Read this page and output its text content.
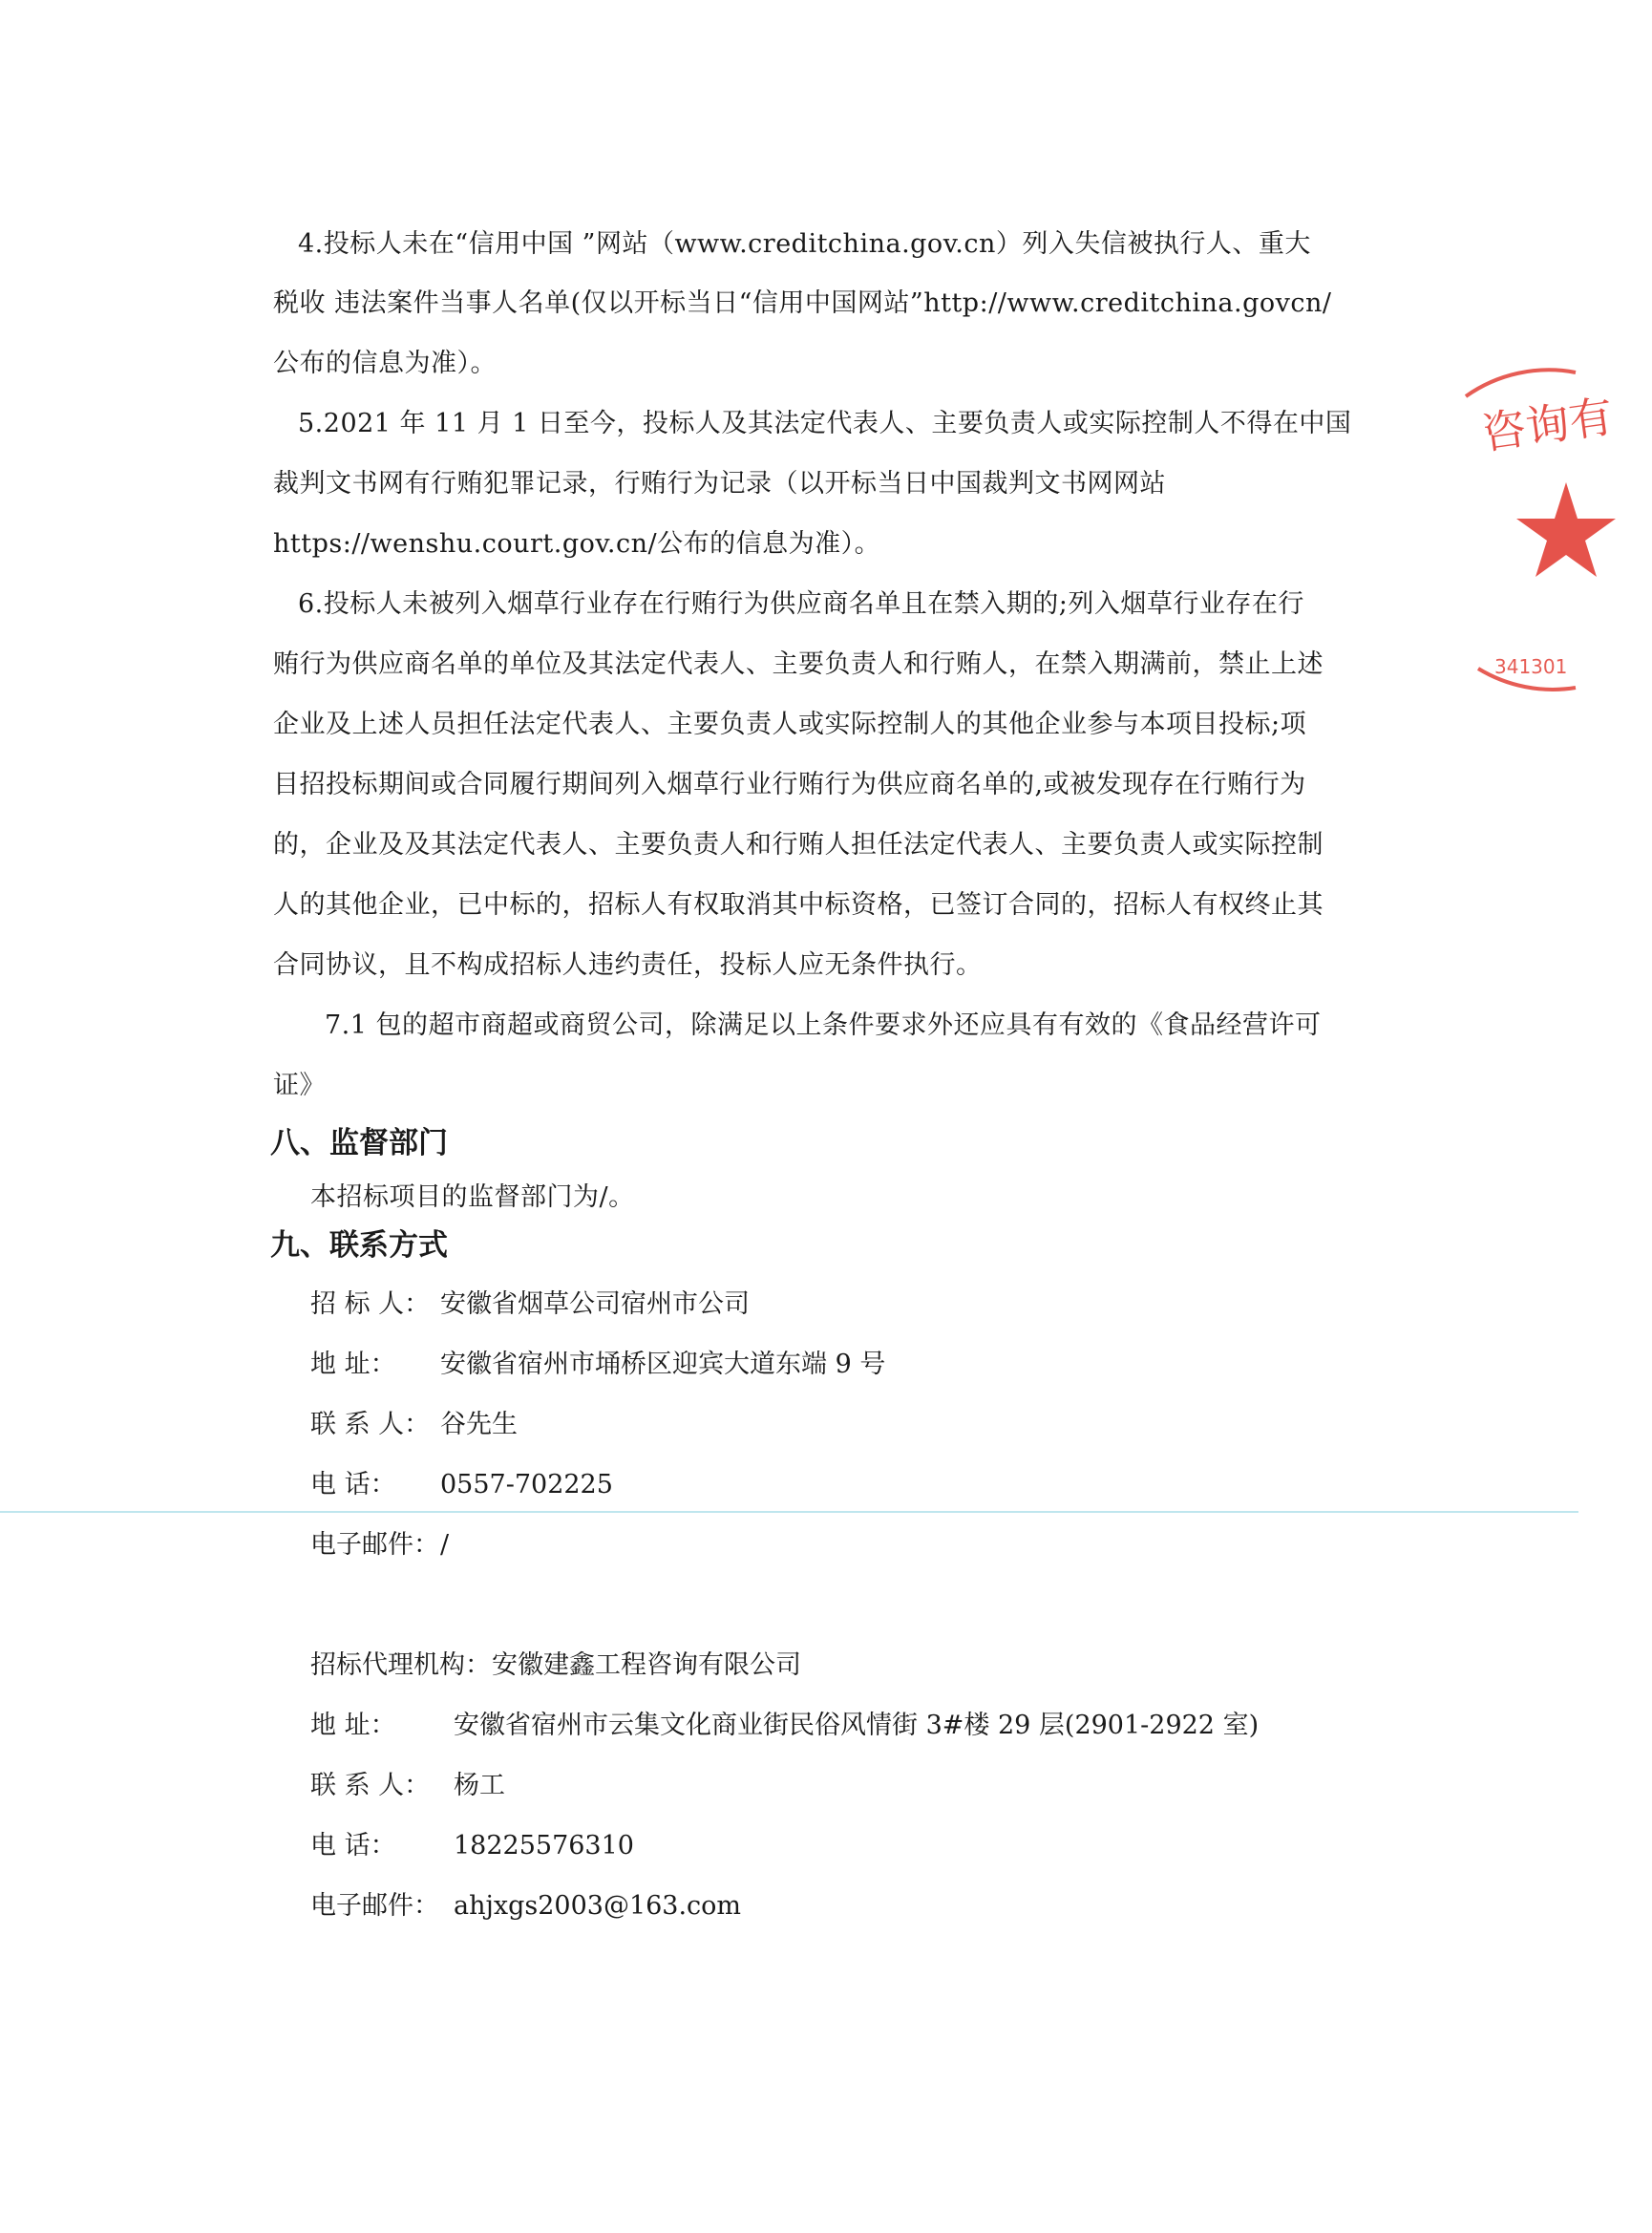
4.投标人未在“信用中国 ”网站（www.creditchina.gov.cn）列入失信被执行人、重大
税收 违法案件当事人名单(仅以开标当日“信用中国网站”http://www.creditchina.govcn/
公布的信息为准）。
5.2021 年 11 月 1 日至今，投标人及其法定代表人、主要负责人或实际控制人不得在中国
裁判文书网有行贿犯罪记录，行贿行为记录（以开标当日中国裁判文书网网站
https://wenshu.court.gov.cn/公布的信息为准）。
6.投标人未被列入烟草行业存在行贿行为供应商名单且在禁入期的;列入烟草行业存在行
贿行为供应商名单的单位及其法定代表人、主要负责人和行贿人，在禁入期满前，禁止上述
企业及上述人员担任法定代表人、主要负责人或实际控制人的其他企业参与本项目投标;项
目招投标期间或合同履行期间列入烟草行业行贿行为供应商名单的,或被发现存在行贿行为
的，企业及及其法定代表人、主要负责人和行贿人担任法定代表人、主要负责人或实际控制
人的其他企业，已中标的，招标人有权取消其中标资格，已签订合同的，招标人有权终止其
合同协议，且不构成招标人违约责任，投标人应无条件执行。
7.1 包的超市商超或商贸公司，除满足以上条件要求外还应具有有效的《食品经营许可
证》
八、监督部门
本招标项目的监督部门为/。
九、联系方式
招 标 人： 安徽省烟草公司宿州市公司
地 址： 安徽省宿州市埇桥区迎宾大道东端 9 号
联 系 人： 谷先生
电 话： 0557-702225
电子邮件：/
招标代理机构：安徽建鑫工程咨询有限公司
地 址： 安徽省宿州市云集文化商业街民俗风情街 3#楼 29 层(2901-2922 室)
联 系 人： 杨工
电 话： 18225576310
电子邮件： ahjxgs2003@163.com
咨询有
341301
